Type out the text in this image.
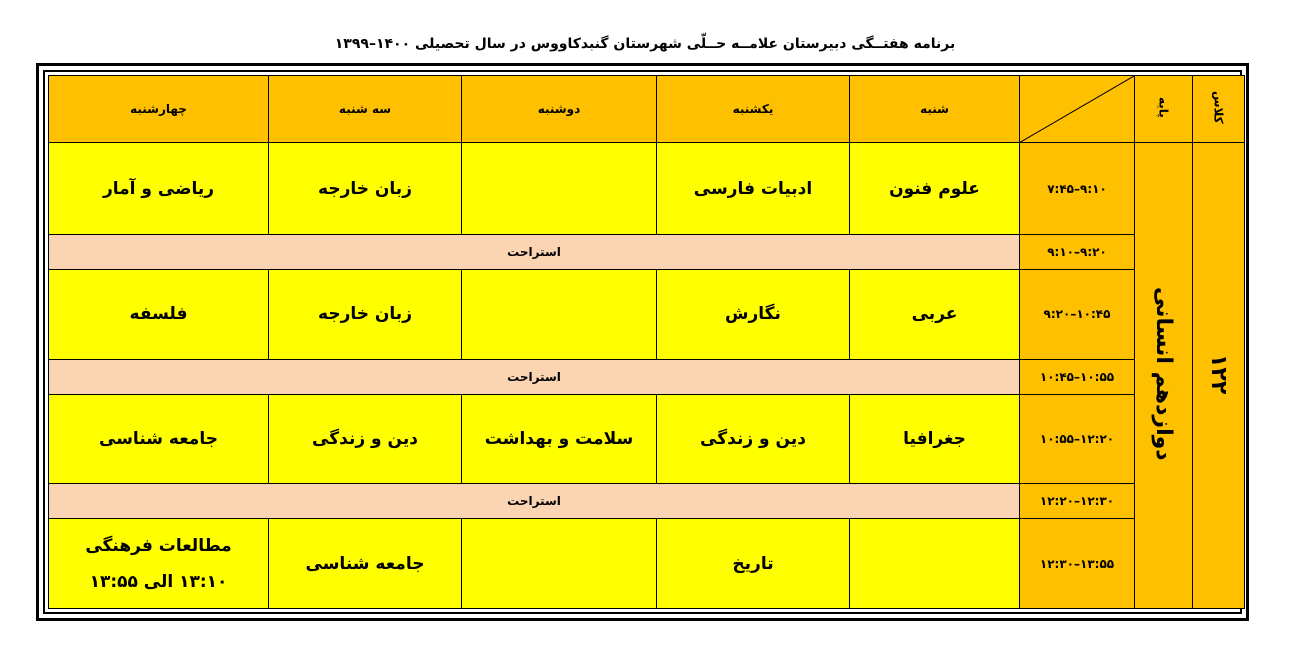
برنامه هفتــگی دبیرستان علامــه حــلّی شهرستان گنبدکاووس در سال تحصیلی ۱۴۰۰–۱۳۹۹
کلاس	پایه		شنبه	یکشنبه	دوشنبه	سه شنبه	چهارشنبه
۱۲۲	دوازدهم انسانی	۹:۱۰–۷:۴۵	علوم فنون	ادبیات فارسی		زبان خارجه	ریاضی و آمار
		۹:۲۰–۹:۱۰	استراحت				
		۱۰:۴۵–۹:۲۰	عربی	نگارش		زبان خارجه	فلسفه
		۱۰:۵۵–۱۰:۴۵	استراحت				
		۱۲:۲۰–۱۰:۵۵	جغرافیا	دین و زندگی	سلامت و بهداشت	دین و زندگی	جامعه شناسی
		۱۲:۳۰–۱۲:۲۰	استراحت				
		۱۳:۵۵–۱۲:۳۰		تاریخ		جامعه شناسی	مطالعات فرهنگی
۱۳:۱۰ الی ۱۳:۵۵
